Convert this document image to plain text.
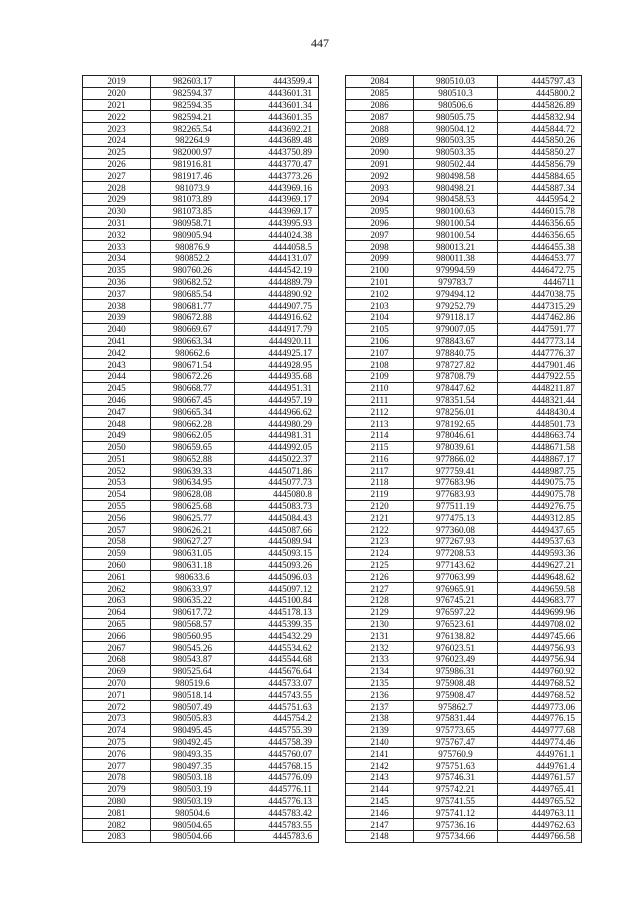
447
2019	982603.17	4443599.4
2020	982594.37	4443601.31
2021	982594.35	4443601.34
2022	982594.21	4443601.35
2023	982265.54	4443692.21
2024	982264.9	4443689.48
2025	982000.97	4443750.89
2026	981916.81	4443770.47
2027	981917.46	4443773.26
2028	981073.9	4443969.16
2029	981073.89	4443969.17
2030	981073.85	4443969.17
2031	980958.71	4443995.93
2032	980905.94	4444024.38
2033	980876.9	4444058.5
2034	980852.2	4444131.07
2035	980760.26	4444542.19
2036	980682.52	4444889.79
2037	980685.54	4444890.92
2038	980681.77	4444907.75
2039	980672.88	4444916.62
2040	980669.67	4444917.79
2041	980663.34	4444920.11
2042	980662.6	4444925.17
2043	980671.54	4444928.95
2044	980672.26	4444935.68
2045	980668.77	4444951.31
2046	980667.45	4444957.19
2047	980665.34	4444966.62
2048	980662.28	4444980.29
2049	980662.05	4444981.31
2050	980659.65	4444992.05
2051	980652.88	4445022.37
2052	980639.33	4445071.86
2053	980634.95	4445077.73
2054	980628.08	4445080.8
2055	980625.68	4445083.73
2056	980625.77	4445084.43
2057	980626.21	4445087.66
2058	980627.27	4445089.94
2059	980631.05	4445093.15
2060	980631.18	4445093.26
2061	980633.6	4445096.03
2062	980633.97	4445097.12
2063	980635.22	4445100.84
2064	980617.72	4445178.13
2065	980568.57	4445399.35
2066	980560.95	4445432.29
2067	980545.26	4445534.62
2068	980543.87	4445544.68
2069	980525.64	4445676.64
2070	980519.6	4445733.07
2071	980518.14	4445743.55
2072	980507.49	4445751.63
2073	980505.83	4445754.2
2074	980495.45	4445755.39
2075	980492.45	4445758.39
2076	980493.35	4445760.07
2077	980497.35	4445768.15
2078	980503.18	4445776.09
2079	980503.19	4445776.11
2080	980503.19	4445776.13
2081	980504.6	4445783.42
2082	980504.65	4445783.55
2083	980504.66	4445783.6
2084	980510.03	4445797.43
2085	980510.3	4445800.2
2086	980506.6	4445826.89
2087	980505.75	4445832.94
2088	980504.12	4445844.72
2089	980503.35	4445850.26
2090	980503.35	4445850.27
2091	980502.44	4445856.79
2092	980498.58	4445884.65
2093	980498.21	4445887.34
2094	980458.53	4445954.2
2095	980100.63	4446015.78
2096	980100.54	4446356.65
2097	980100.54	4446356.65
2098	980013.21	4446455.38
2099	980011.38	4446453.77
2100	979994.59	4446472.75
2101	979783.7	4446711
2102	979494.12	4447038.75
2103	979252.79	4447315.29
2104	979118.17	4447462.86
2105	979007.05	4447591.77
2106	978843.67	4447773.14
2107	978840.75	4447776.37
2108	978727.82	4447901.46
2109	978708.79	4447922.55
2110	978447.62	4448211.87
2111	978351.54	4448321.44
2112	978256.01	4448430.4
2113	978192.65	4448501.73
2114	978046.61	4448663.74
2115	978039.61	4448671.58
2116	977866.02	4448867.17
2117	977759.41	4448987.75
2118	977683.96	4449075.75
2119	977683.93	4449075.78
2120	977511.19	4449276.75
2121	977475.13	4449312.85
2122	977360.08	4449437.65
2123	977267.93	4449537.63
2124	977208.53	4449593.36
2125	977143.62	4449627.21
2126	977063.99	4449648.62
2127	976965.91	4449659.58
2128	976745.21	4449683.77
2129	976597.22	4449699.96
2130	976523.61	4449708.02
2131	976138.82	4449745.66
2132	976023.51	4449756.93
2133	976023.49	4449756.94
2134	975986.31	4449760.92
2135	975908.48	4449768.52
2136	975908.47	4449768.52
2137	975862.7	4449773.06
2138	975831.44	4449776.15
2139	975773.65	4449777.68
2140	975767.47	4449774.46
2141	975760.9	4449761.1
2142	975751.63	4449761.4
2143	975746.31	4449761.57
2144	975742.21	4449765.41
2145	975741.55	4449765.52
2146	975741.12	4449763.11
2147	975736.16	4449762.63
2148	975734.66	4449766.58
